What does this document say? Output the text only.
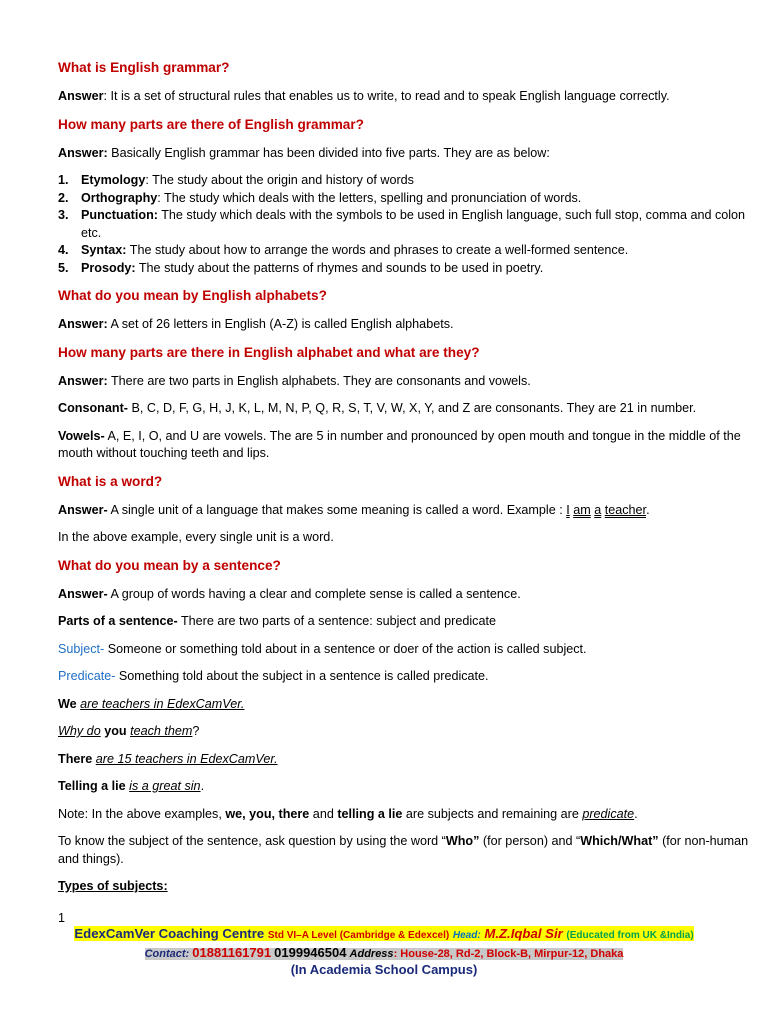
What is English grammar?
Answer: It is a set of structural rules that enables us to write, to read and to speak English language correctly.
How many parts are there of English grammar?
Answer: Basically English grammar has been divided into five parts. They are as below:
1. Etymology: The study about the origin and history of words
2. Orthography: The study which deals with the letters, spelling and pronunciation of words.
3. Punctuation: The study which deals with the symbols to be used in English language, such full stop, comma and colon etc.
4. Syntax: The study about how to arrange the words and phrases to create a well-formed sentence.
5. Prosody: The study about the patterns of rhymes and sounds to be used in poetry.
What do you mean by English alphabets?
Answer: A set of 26 letters in English (A-Z) is called English alphabets.
How many parts are there in English alphabet and what are they?
Answer: There are two parts in English alphabets. They are consonants and vowels.
Consonant- B, C, D, F, G, H, J, K, L, M, N, P, Q, R, S, T, V, W, X, Y, and Z are consonants. They are 21 in number.
Vowels- A, E, I, O, and U are vowels. The are 5 in number and pronounced by open mouth and tongue in the middle of the mouth without touching teeth and lips.
What is a word?
Answer- A single unit of a language that makes some meaning is called a word. Example : I am a teacher.
In the above example, every single unit is a word.
What do you mean by a sentence?
Answer- A group of words having a clear and complete sense is called a sentence.
Parts of a sentence- There are two parts of a sentence: subject and predicate
Subject- Someone or something told about in a sentence or doer of the action is called subject.
Predicate- Something told about the subject in a sentence is called predicate.
We are teachers in EdexCamVer.
Why do you teach them?
There are 15 teachers in EdexCamVer.
Telling a lie is a great sin.
Note: In the above examples, we, you, there and telling a lie are subjects and remaining are predicate.
To know the subject of the sentence, ask question by using the word “Who” (for person) and “Which/What” (for non-human and things).
Types of subjects:
1
EdexCamVer Coaching Centre Std VI–A Level (Cambridge & Edexcel) Head: M.Z.Iqbal Sir (Educated from UK &India)
Contact: 01881161791 0199946504 Address: House-28, Rd-2, Block-B, Mirpur-12, Dhaka
(In Academia School Campus)
